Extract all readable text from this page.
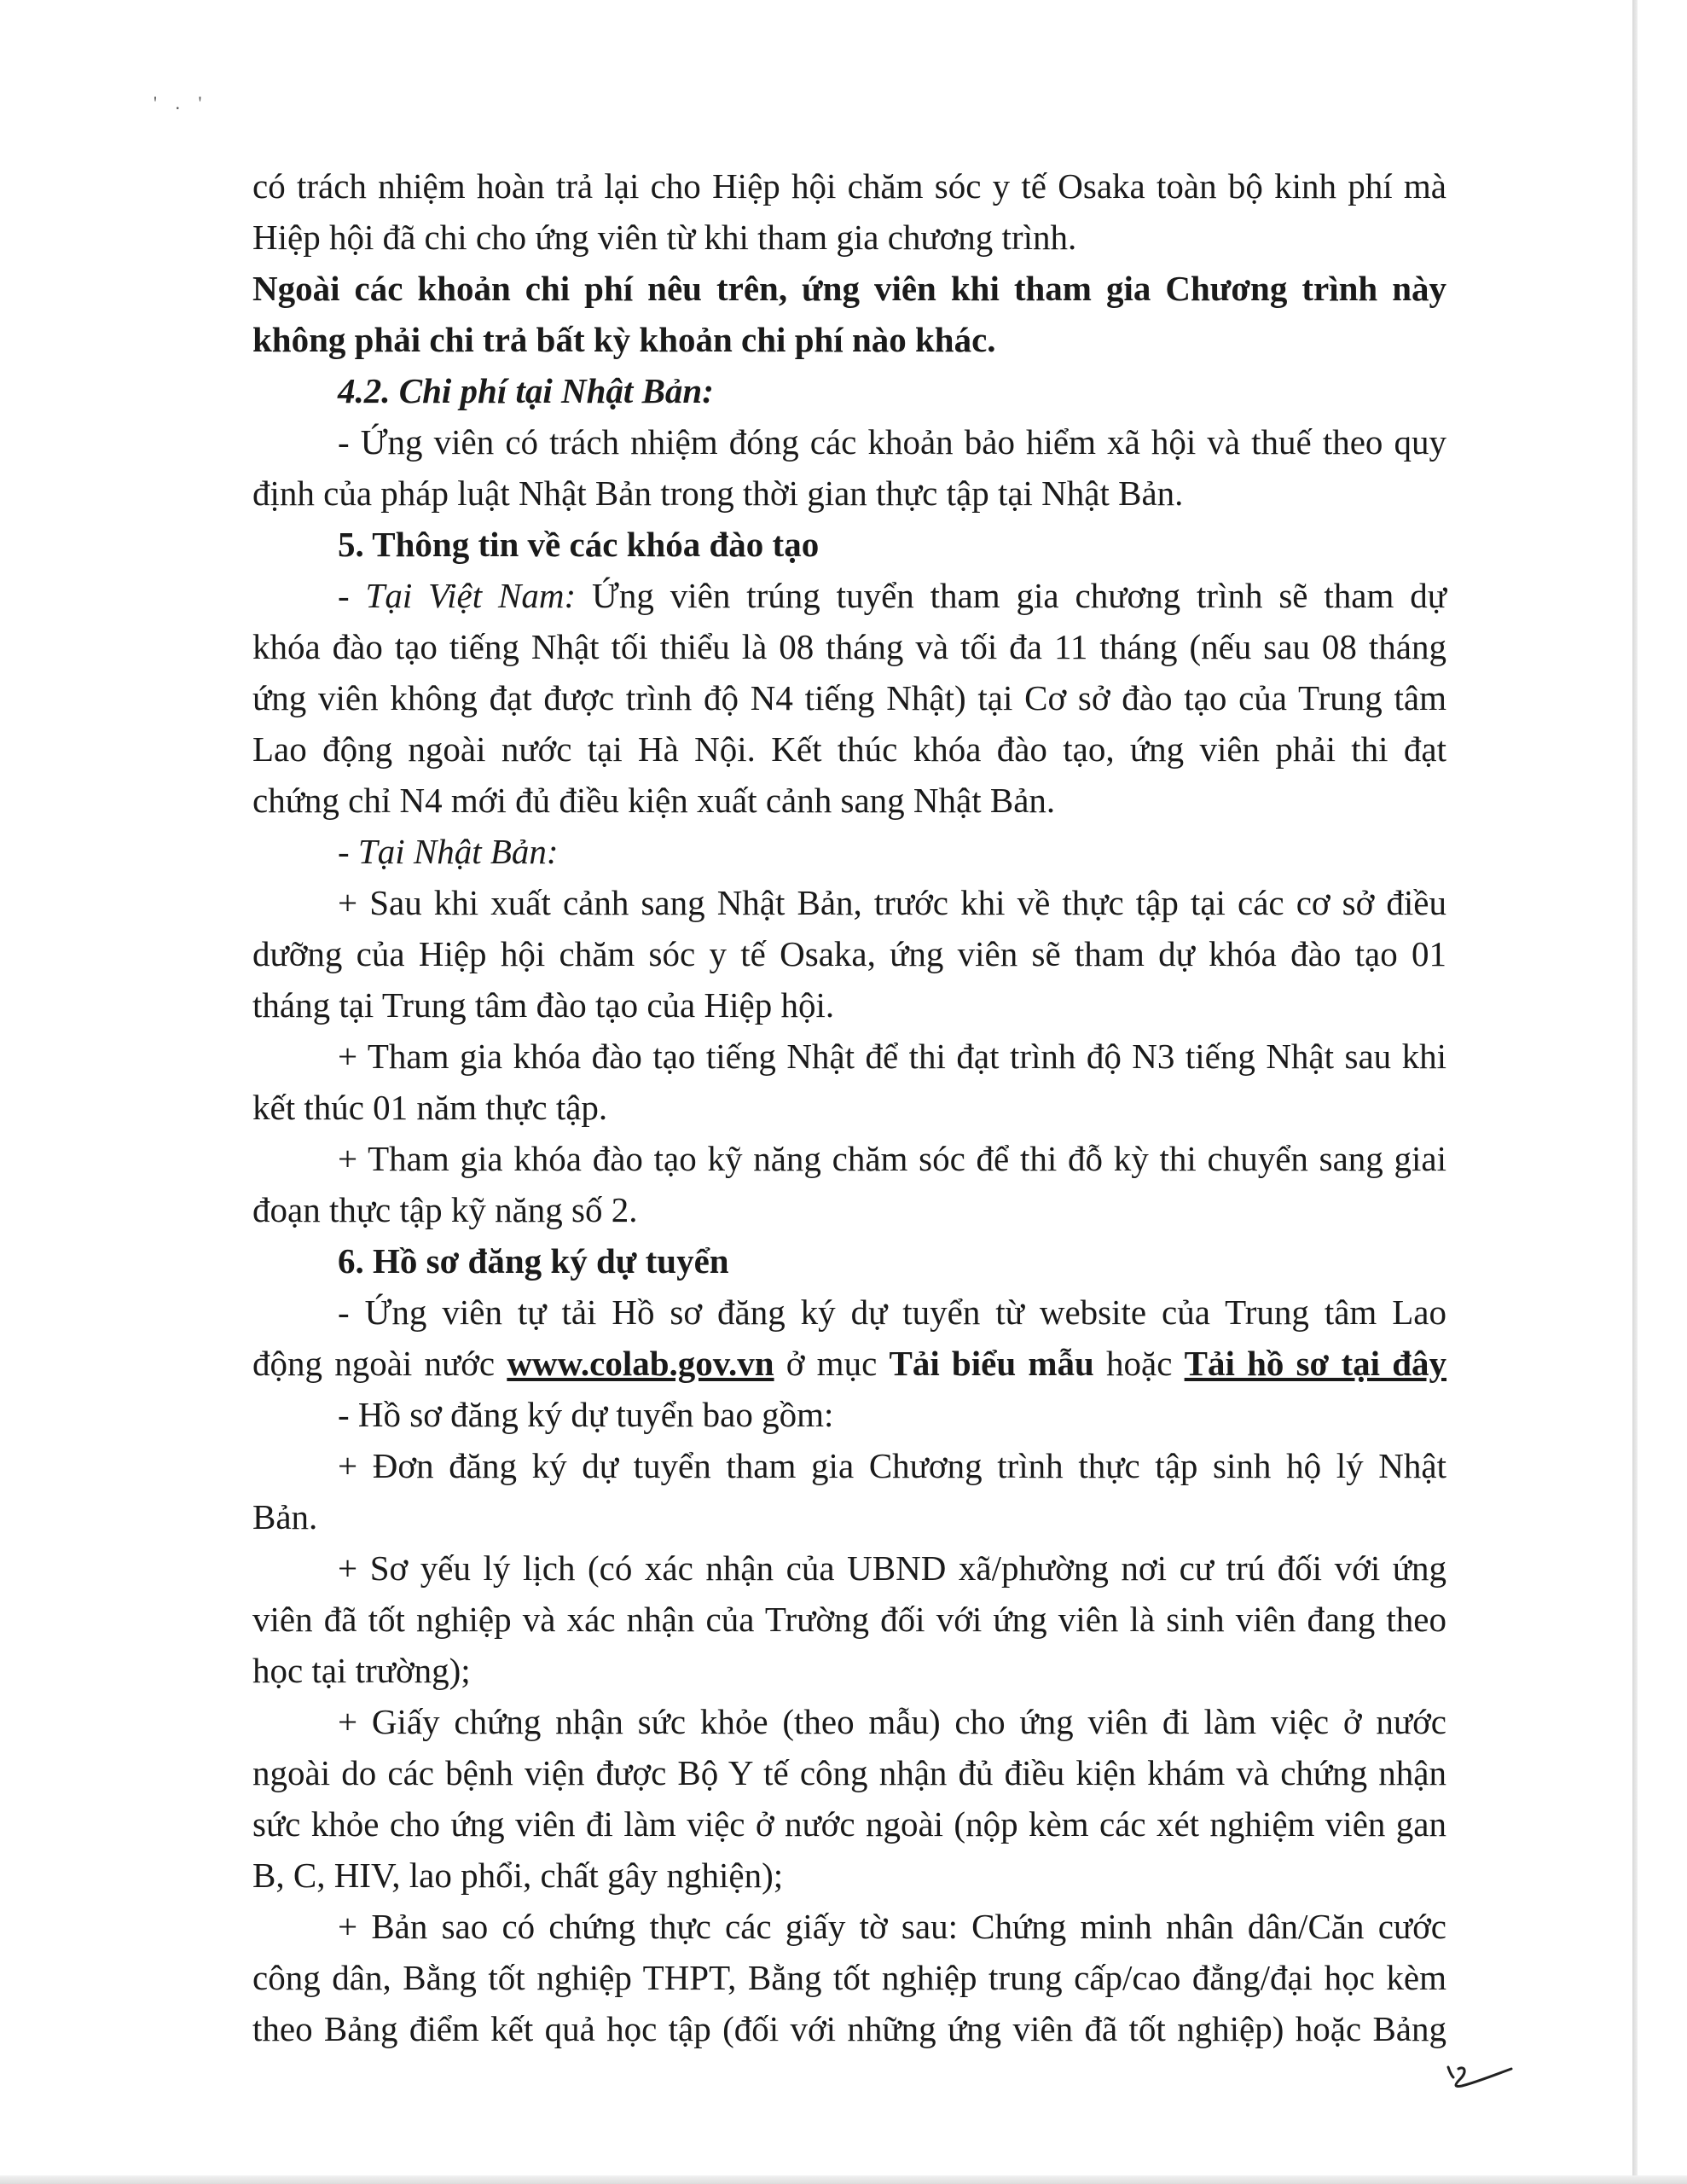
' . '
có trách nhiệm hoàn trả lại cho Hiệp hội chăm sóc y tế Osaka toàn bộ kinh phí mà
Hiệp hội đã chi cho ứng viên từ khi tham gia chương trình.
Ngoài các khoản chi phí nêu trên, ứng viên khi tham gia Chương trình này
không phải chi trả bất kỳ khoản chi phí nào khác.
4.2. Chi phí tại Nhật Bản:
- Ứng viên có trách nhiệm đóng các khoản bảo hiểm xã hội và thuế theo quy
định của pháp luật Nhật Bản trong thời gian thực tập tại Nhật Bản.
5. Thông tin về các khóa đào tạo
- Tại Việt Nam: Ứng viên trúng tuyển tham gia chương trình sẽ tham dự
khóa đào tạo tiếng Nhật tối thiểu là 08 tháng và tối đa 11 tháng (nếu sau 08 tháng
ứng viên không đạt được trình độ N4 tiếng Nhật) tại Cơ sở đào tạo của Trung tâm
Lao động ngoài nước tại Hà Nội. Kết thúc khóa đào tạo, ứng viên phải thi đạt
chứng chỉ N4 mới đủ điều kiện xuất cảnh sang Nhật Bản.
- Tại Nhật Bản:
+ Sau khi xuất cảnh sang Nhật Bản, trước khi về thực tập tại các cơ sở điều
dưỡng của Hiệp hội chăm sóc y tế Osaka, ứng viên sẽ tham dự khóa đào tạo 01
tháng tại Trung tâm đào tạo của Hiệp hội.
+ Tham gia khóa đào tạo tiếng Nhật để thi đạt trình độ N3 tiếng Nhật sau khi
kết thúc 01 năm thực tập.
+ Tham gia khóa đào tạo kỹ năng chăm sóc để thi đỗ kỳ thi chuyển sang giai
đoạn thực tập kỹ năng số 2.
6. Hồ sơ đăng ký dự tuyển
- Ứng viên tự tải Hồ sơ đăng ký dự tuyển từ website của Trung tâm Lao
động ngoài nước www.colab.gov.vn ở mục Tải biểu mẫu hoặc Tải hồ sơ tại đây
- Hồ sơ đăng ký dự tuyển bao gồm:
+ Đơn đăng ký dự tuyển tham gia Chương trình thực tập sinh hộ lý Nhật
Bản.
+ Sơ yếu lý lịch (có xác nhận của UBND xã/phường nơi cư trú đối với ứng
viên đã tốt nghiệp và xác nhận của Trường đối với ứng viên là sinh viên đang theo
học tại trường);
+ Giấy chứng nhận sức khỏe (theo mẫu) cho ứng viên đi làm việc ở nước
ngoài do các bệnh viện được Bộ Y tế công nhận đủ điều kiện khám và chứng nhận
sức khỏe cho ứng viên đi làm việc ở nước ngoài (nộp kèm các xét nghiệm viên gan
B, C, HIV, lao phổi, chất gây nghiện);
+ Bản sao có chứng thực các giấy tờ sau: Chứng minh nhân dân/Căn cước
công dân, Bằng tốt nghiệp THPT, Bằng tốt nghiệp trung cấp/cao đẳng/đại học kèm
theo Bảng điểm kết quả học tập (đối với những ứng viên đã tốt nghiệp) hoặc Bảng
